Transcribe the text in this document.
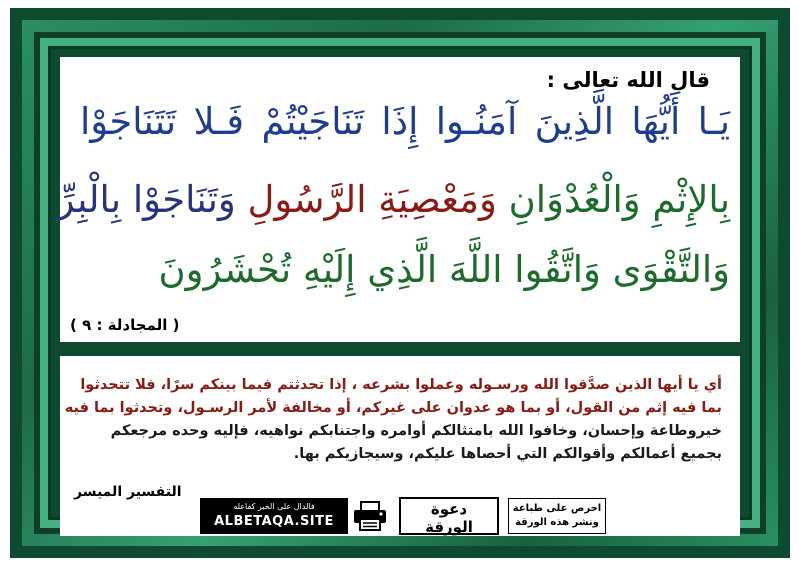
قال الله تعالى :
يَـا أَيُّهَا الَّذِينَ آمَنُـوا إِذَا تَنَاجَيْتُمْ فَـلا تَتَنَاجَوْا
بِالإِثْمِ وَالْعُدْوَانِ وَمَعْصِيَةِ الرَّسُولِ وَتَنَاجَوْا بِالْبِرِّ
وَالتَّقْوَى وَاتَّقُوا اللَّهَ الَّذِي إِلَيْهِ تُحْشَرُونَ
( المجادلة : ٩ )
أي يا أيها الذين صدَّقوا الله ورسـوله وعملوا بشرعه ، إذا تحدثتم فيما بينكم سرًا، فلا تتحدثوا
بما فيه إثم من القول، أو بما هو عدوان على غيركم، أو مخالفة لأمر الرسـول، وتحدثوا بما فيه
خيروطاعة وإحسان، وخافوا الله بامتثالكم أوامره واجتنابكم نواهيه، فإليه وحده مرجعكم
بجميع أعمالكم وأقوالكم التي أحصاها عليكم، وسيجازيكم بها.
التفسير الميسر
فالدال على الخير كفاعله
ALBETAQA.SITE
دعوة
الورقة
احرص على طباعة
ونشر هذه الورقة
